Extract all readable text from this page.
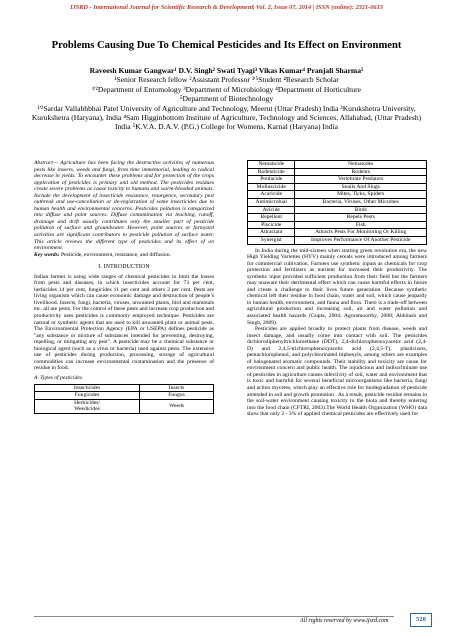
IJSRD - International Journal for Scientific Research & Development| Vol. 2, Issue 07, 2014 | ISSN (online): 2321-0613
Problems Causing Due To Chemical Pesticides and Its Effect on Environment
Raveesh Kumar Gangwar¹ D.V. Singh² Swati Tyagi³ Vikas Kumar⁴ Pranjali Sharma⁵
¹Senior Research fellow ²Assistant Professor ³'⁵Student ⁴Research Scholar
¹'²Department of Entomology ³Department of Microbiology ⁴Department of Horticulture
⁵Department of Biotechnology
¹'²Sardar Vallabhbhai Patel University of Agriculture and Technology, Meerut (Uttar Pradesh) India ³Kurukshetra University, Kurukshetra (Haryana), India ⁴Sam Higginbottom Institute of Agriculture, Technology and Sciences, Allahabad, (Uttar Pradesh) India ⁵K.V.A. D.A.V. (P.G.) College for Womens, Karnal (Haryana) India
Abstract— Agriculture has been facing the destructive activities of numerous pests like insects, weeds and fungi, from time immemorial, leading to radical decrease in yields. To encounter these problems and for protection of the crops application of pesticides is primary and old method. The pesticides residues create severe problems as cause toxicity to humans and warm-blooded animals. Include the development of insecticide resistance, resurgence, secondary pest outbreak and use-cancellation or de-registration of some insecticides due to human health and environmental concerns. Pesticides pollution is categorized into diffuse and point sources. Diffuse contamination via leaching, runoff, drainage and drift usually contributes only the smaller part of pesticide pollution of surface and groundwater. However, point sources or farmyard activities are significant contributors to pesticide pollution of surface water. This article reviews the different type of pesticides and its effect of on environment.
Key words: Pesticide, environment, resistance, and diffusion.
I. INTRODUCTION

Indian farmer is using wide ranges of chemical pesticides to limit the losses from pests and diseases, in which insecticides account for 73 per cent, herbicides 14 per cent, fungicides 11 per cent and others 2 per cent. Pests are living organism which can cause economic damage and destruction of people’s livelihood. Insects, fungi, bacteria, viruses, unwanted plants, bird and mammals etc. all are pests. For the control of these pests and increase crop production and productivity uses pesticides is commonly employed technique. Pesticides are natural or synthetic agents that are used to kill unwanted plant or animal pests. The Environmental Protection Agency (EPA or USEPA) defines pesticide as "any substance or mixture of substances intended for preventing, destroying, repelling, or mitigating any pest". A pesticide may be a chemical substance or biological agent (such as a virus or bacteria) used against pests. The extensive use of pesticides during production, processing, storage of agricultural commodities can increase environmental contamination and the presence of residue in food.

A. Types of pesticides
Insecticides	Insects
Fungicides	Fungus
Herbicides/
Weedicides	Weeds
Nematicide	Nematodes
Rodenticide	Rodents
Predacide	Vertebrate Predators
Molluscicide	Snails And Slugs
Acaricide	Mites, Ticks, Spiders
Antimicrobial	Bacteria, Viruses, Other Microbes
Avicide	Birds
Repellent	Repels Pests
Piscicide	Fish
Attractant	Attracts Pests For Monitoring Or Killing
Synergist	Improves Performance Of Another Pesticide

In India during the mid-sixteen when starting green revolution era, the new High Yielding Varieties (HYV) mainly cereals were introduced among farmers for commercial cultivation. Farmers use synthetic inputs as chemicals for crop protection and fertilizers as nutrient for increased their productivity. The synthetic input provided sufficient production from their field but the farmers may unaware their detrimental effect which can cause harmful effects in future and create a challenge to their lives future generation. Because synthetic chemical left their residue in food chain, water and soil, which cause jeopardy to human health, environment, and fauna and flora. There is a trade-off between agricultural production and increasing soil, air and water pollution and associated health hazards (Gupta, 2004; Agoramoorthy, 2008; Abhilash and Singh, 2009).

Pesticides are applied broadly to protect plants from disease, weeds and insect damage, and usually come into contact with soil. The pesticides dichlorodiphenyltrichloroethane (DDT), 2,4-dichlorophenoxyacetic acid (2,4-D) and 2,4,5-trichlorophenoxyacetic acid (2,4,5-T), plasticizers, pentachlorophenol, and polychlorinated biphenyls, among others are examples of halogenated aromatic compounds. Their stability and toxicity are cause for environment concern and public health. The injudicious and indiscriminate use of pesticides in agriculture causes infectivity of soil, water and environment that is toxic and harmful for several beneficial microorganisms like bacteria, fungi and actino mycetes, which play an effective role for biodegradation of pesticide amended in soil and growth promotion . As a result, pesticide residue remains in the soil-water environment causing toxicity to the biota and thereby entering into the food chain (CFTRI, 2003).The World Health Organization (WHO) data show that only 2 - 3% of applied chemical pesticides are effectively used for

All rights reserved by www.ijsrd.com	520
